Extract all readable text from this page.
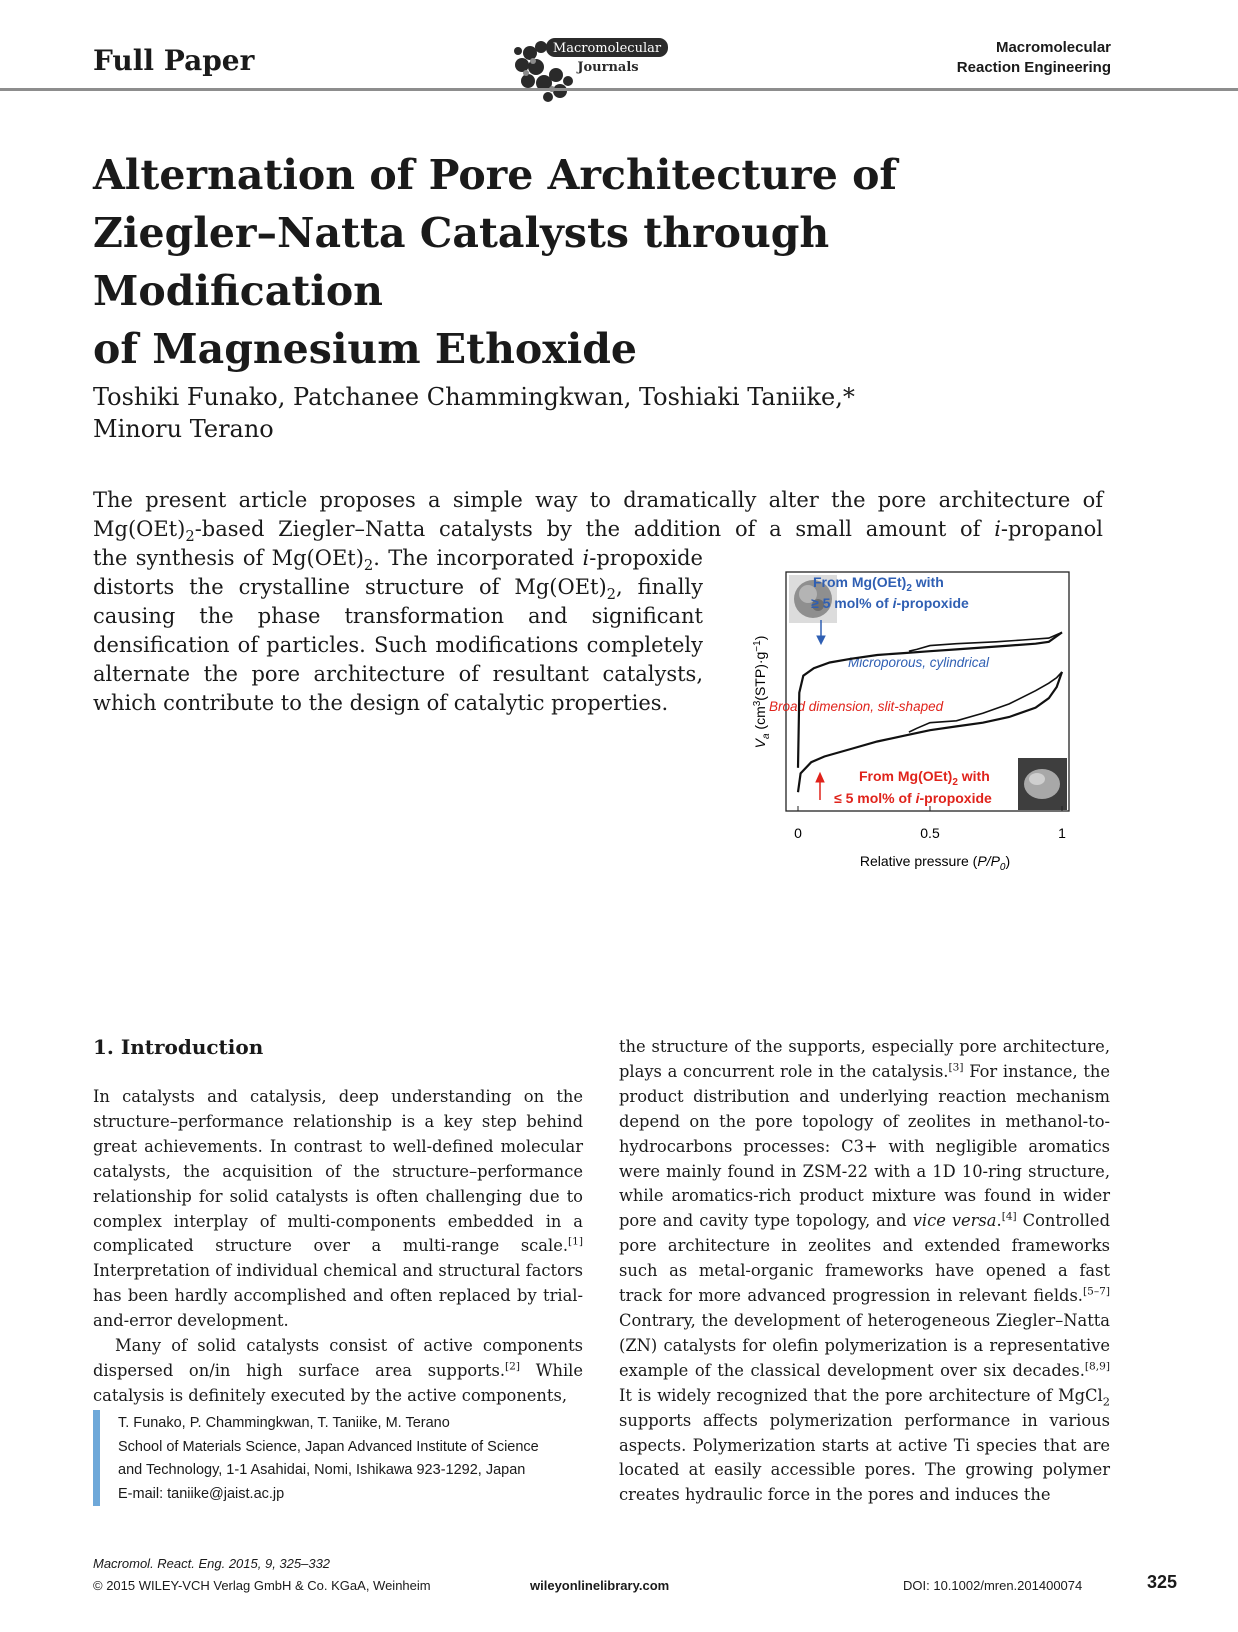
Full Paper	Macromolecular
Journals
Macromolecular
Reaction Engineering
Alternation of Pore Architecture of
Ziegler–Natta Catalysts through Modification
of Magnesium Ethoxide
Toshiki Funako, Patchanee Chammingkwan, Toshiaki Taniike,*
Minoru Terano
The present article proposes a simple way to dramatically alter the pore architecture of
$Mg(OEt)_2$-based Ziegler–Natta catalysts by the addition of a small amount of i-propanol
the synthesis of $Mg(OEt)_2$. The incorporated i-propoxide
distorts the crystalline structure of $Mg(OEt)_2$, finally
causing the phase transformation and significant
densification of particles. Such modifications completely
alternate the pore architecture of resultant catalysts,
which contribute to the design of catalytic properties.
From $Mg(OEt)_2$ with
≥ 5 mol% of i-propoxide
Microporous, cylindrical
Broad dimension, slit-shaped
From $Mg(OEt)_2$ with
≤ 5 mol% of i-propoxide
0	0.5	1
$V_a$ $(cm^3(STP)\cdot g^{-1})$
Relative pressure $(P/P_0)$
1. Introduction

In catalysts and catalysis, deep understanding on the structure–performance relationship is a key step behind great achievements. In contrast to well-defined molecular catalysts, the acquisition of the structure–performance relationship for solid catalysts is often challenging due to complex interplay of multi-components embedded in a complicated structure over a multi-range scale.[1] Interpretation of individual chemical and structural factors has been hardly accomplished and often replaced by trial-and-error development.

Many of solid catalysts consist of active components dispersed on/in high surface area supports.[2] While catalysis is definitely executed by the active components,

the structure of the supports, especially pore architecture, plays a concurrent role in the catalysis.[3] For instance, the product distribution and underlying reaction mechanism depend on the pore topology of zeolites in methanol-to-hydrocarbons processes: C3+ with negligible aromatics were mainly found in ZSM-22 with a 1D 10-ring structure, while aromatics-rich product mixture was found in wider pore and cavity type topology, and vice versa.[4] Controlled pore architecture in zeolites and extended frameworks such as metal-organic frameworks have opened a fast track for more advanced progression in relevant fields.[5–7] Contrary, the development of heterogeneous Ziegler–Natta (ZN) catalysts for olefin polymerization is a representative example of the classical development over six decades.[8,9] It is widely recognized that the pore architecture of MgCl$_2$ supports affects polymerization performance in various aspects. Polymerization starts at active Ti species that are located at easily accessible pores. The growing polymer creates hydraulic force in the pores and induces the

T. Funako, P. Chammingkwan, T. Taniike, M. Terano
School of Materials Science, Japan Advanced Institute of Science
and Technology, 1-1 Asahidai, Nomi, Ishikawa 923-1292, Japan
E-mail: taniike@jaist.ac.jp
Macromol. React. Eng. 2015, 9, 325–332
© 2015 WILEY-VCH Verlag GmbH & Co. KGaA, Weinheim	wileyonlinelibrary.com	DOI: 10.1002/mren.201400074	325
